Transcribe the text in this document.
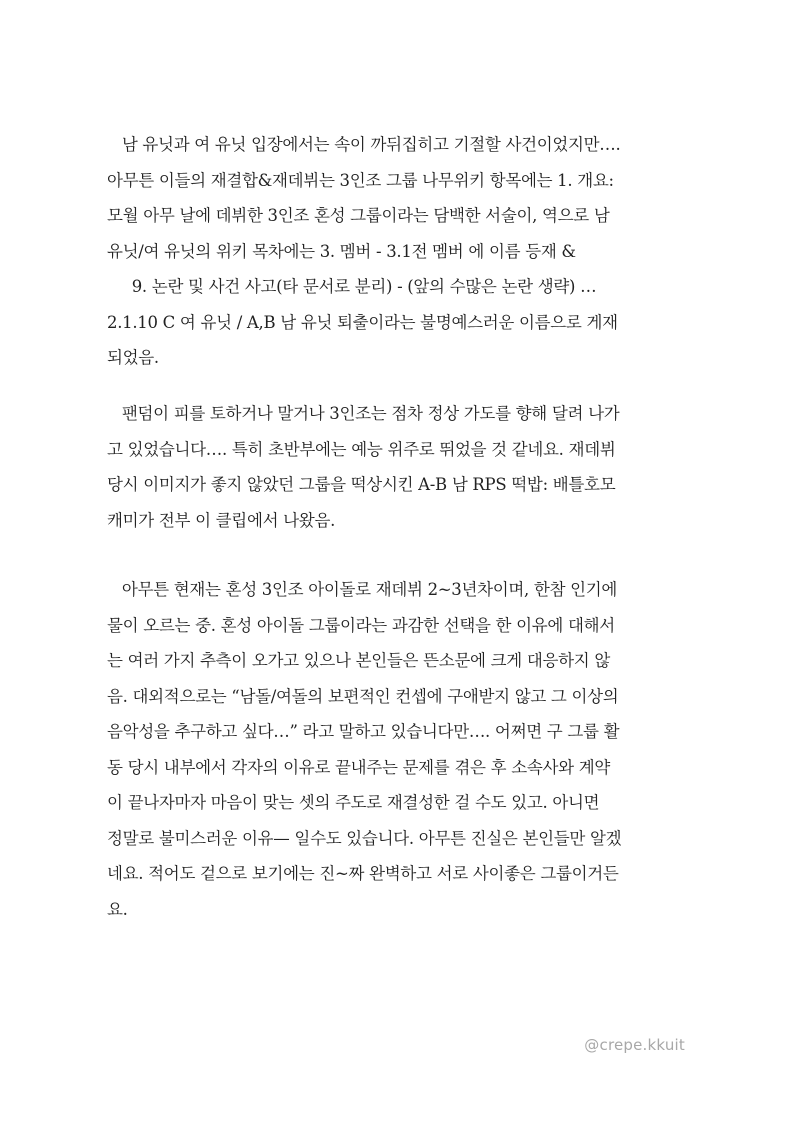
남 유닛과 여 유닛 입장에서는 속이 까뒤집히고 기절할 사건이었지만….
아무튼 이들의 재결합&재데뷔는 3인조 그룹 나무위키 항목에는 1. 개요:
모월 아무 날에 데뷔한 3인조 혼성 그룹이라는 담백한 서술이, 역으로 남
유닛/여 유닛의 위키 목차에는 3. 멤버 - 3.1전 멤버 에 이름 등재 &
9. 논란 및 사건 사고(타 문서로 분리) - (앞의 수많은 논란 생략) …
2.1.10 C 여 유닛 / A,B 남 유닛 퇴출이라는 불명예스러운 이름으로 게재
되었음.
팬덤이 피를 토하거나 말거나 3인조는 점차 정상 가도를 향해 달려 나가
고 있었습니다…. 특히 초반부에는 예능 위주로 뛰었을 것 같네요. 재데뷔
당시 이미지가 좋지 않았던 그룹을 떡상시킨 A-B 남 RPS 떡밥: 배틀호모
캐미가 전부 이 클립에서 나왔음.
아무튼 현재는 혼성 3인조 아이돌로 재데뷔 2~3년차이며, 한참 인기에
물이 오르는 중. 혼성 아이돌 그룹이라는 과감한 선택을 한 이유에 대해서
는 여러 가지 추측이 오가고 있으나 본인들은 뜬소문에 크게 대응하지 않
음. 대외적으로는 “남돌/여돌의 보편적인 컨셉에 구애받지 않고 그 이상의
음악성을 추구하고 싶다…” 라고 말하고 있습니다만…. 어쩌면 구 그룹 활
동 당시 내부에서 각자의 이유로 끝내주는 문제를 겪은 후 소속사와 계약
이 끝나자마자 마음이 맞는 셋의 주도로 재결성한 걸 수도 있고. 아니면
정말로 불미스러운 이유— 일수도 있습니다. 아무튼 진실은 본인들만 알겠
네요. 적어도 겉으로 보기에는 진~짜 완벽하고 서로 사이좋은 그룹이거든
요.
@crepe.kkuit
